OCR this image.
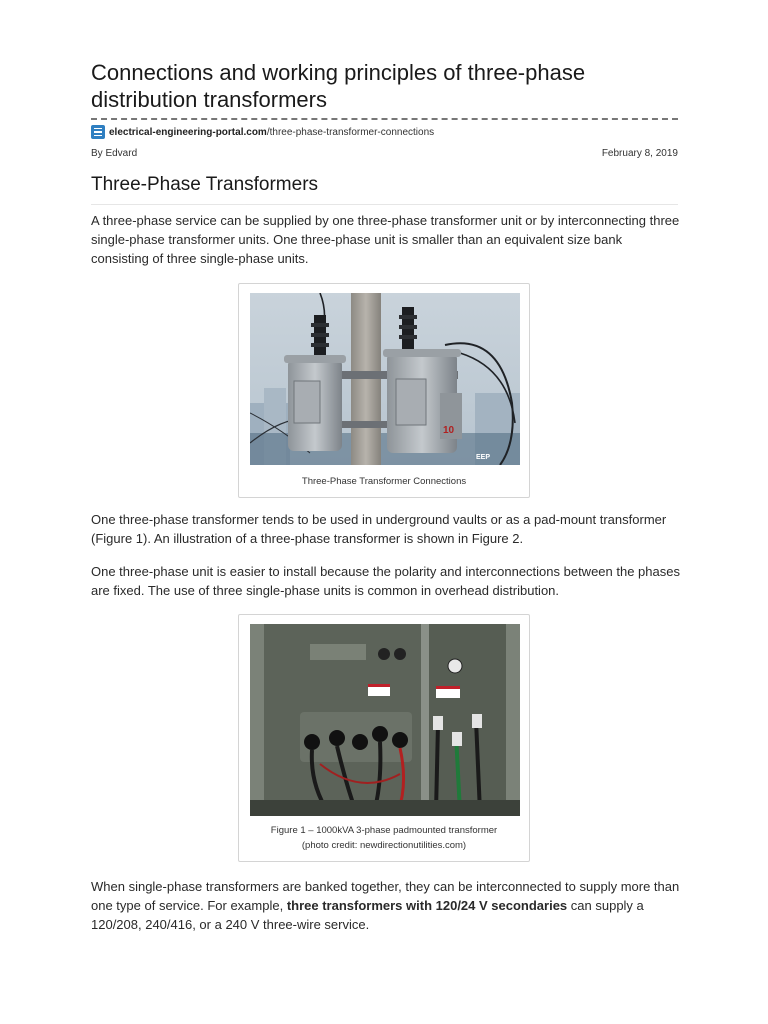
Connections and working principles of three-phase distribution transformers
electrical-engineering-portal.com /three-phase-transformer-connections
By Edvard	February 8, 2019
Three-Phase Transformers

A three-phase service can be supplied by one three-phase transformer unit or by interconnecting three single-phase transformer units. One three-phase unit is smaller than an equivalent size bank consisting of three single-phase units.

10
EEP
Three-Phase Transformer Connections

One three-phase transformer tends to be used in underground vaults or as a pad-mount transformer (Figure 1). An illustration of a three-phase transformer is shown in Figure 2.

One three-phase unit is easier to install because the polarity and interconnections between the phases are fixed. The use of three single-phase units is common in overhead distribution.

Figure 1 – 1000kVA 3-phase padmounted transformer
(photo credit: newdirectionutilities.com)

When single-phase transformers are banked together, they can be interconnected to supply more than one type of service. For example, three transformers with 120/24 V secondaries can supply a 120/208, 240/416, or a 240 V three-wire service.
